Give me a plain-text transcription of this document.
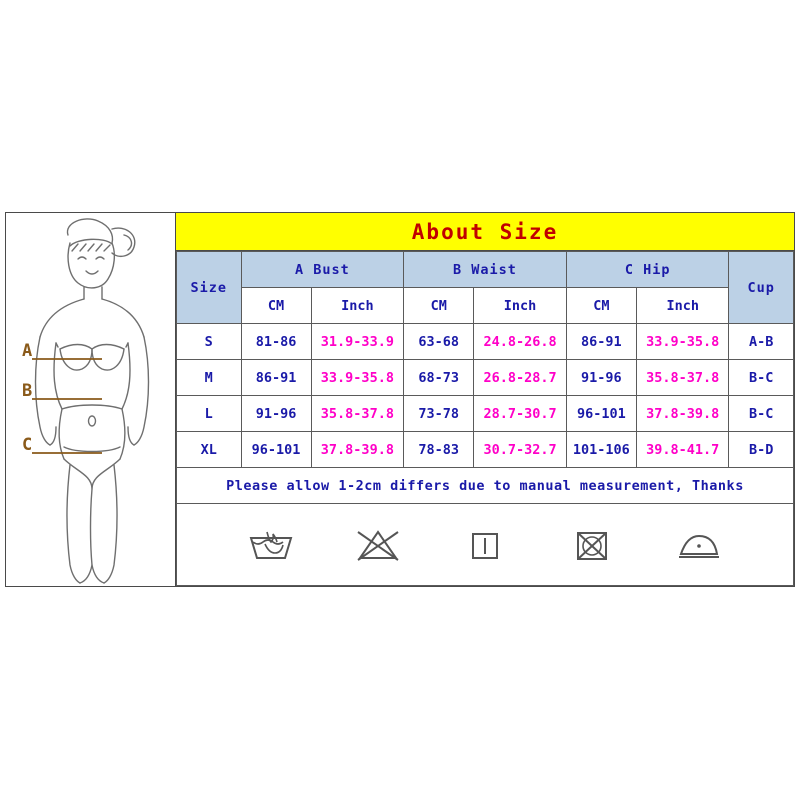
A
B
C
About Size
Size	A Bust		B Waist		C Hip		Cup
	CM	Inch	CM	Inch	CM	Inch	
S	81-86	31.9-33.9	63-68	24.8-26.8	86-91	33.9-35.8	A-B
M	86-91	33.9-35.8	68-73	26.8-28.7	91-96	35.8-37.8	B-C
L	91-96	35.8-37.8	73-78	28.7-30.7	96-101	37.8-39.8	B-C
XL	96-101	37.8-39.8	78-83	30.7-32.7	101-106	39.8-41.7	B-D
Please allow 1-2cm differs due to manual measurement, Thanks							
